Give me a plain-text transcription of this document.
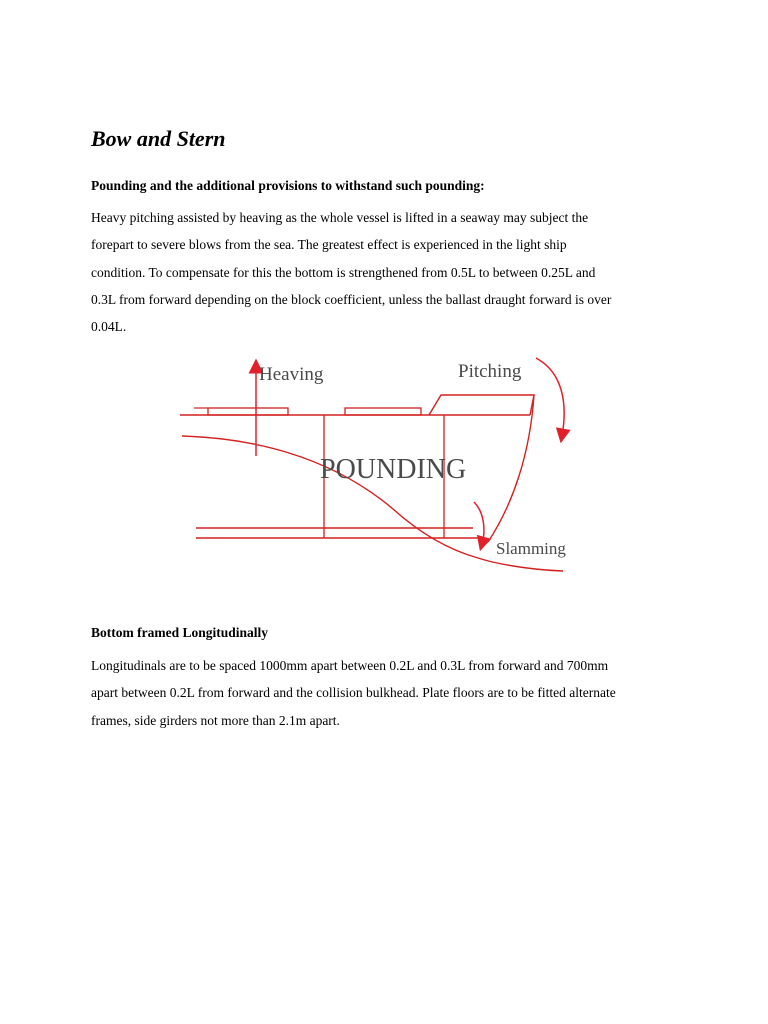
Bow and Stern
Pounding and the additional provisions to withstand such pounding:

Heavy pitching assisted by heaving as the whole vessel is lifted in a seaway may subject the
forepart to severe blows from the sea. The greatest effect is experienced in the light ship
condition. To compensate for this the bottom is strengthened from 0.5L to between 0.25L and
0.3L from forward depending on the block coefficient, unless the ballast draught forward is over
0.04L.

Heaving	Pitching
POUNDING
Slamming
Bottom framed Longitudinally

Longitudinals are to be spaced 1000mm apart between 0.2L and 0.3L from forward and 700mm
apart between 0.2L from forward and the collision bulkhead. Plate floors are to be fitted alternate
frames, side girders not more than 2.1m apart.
